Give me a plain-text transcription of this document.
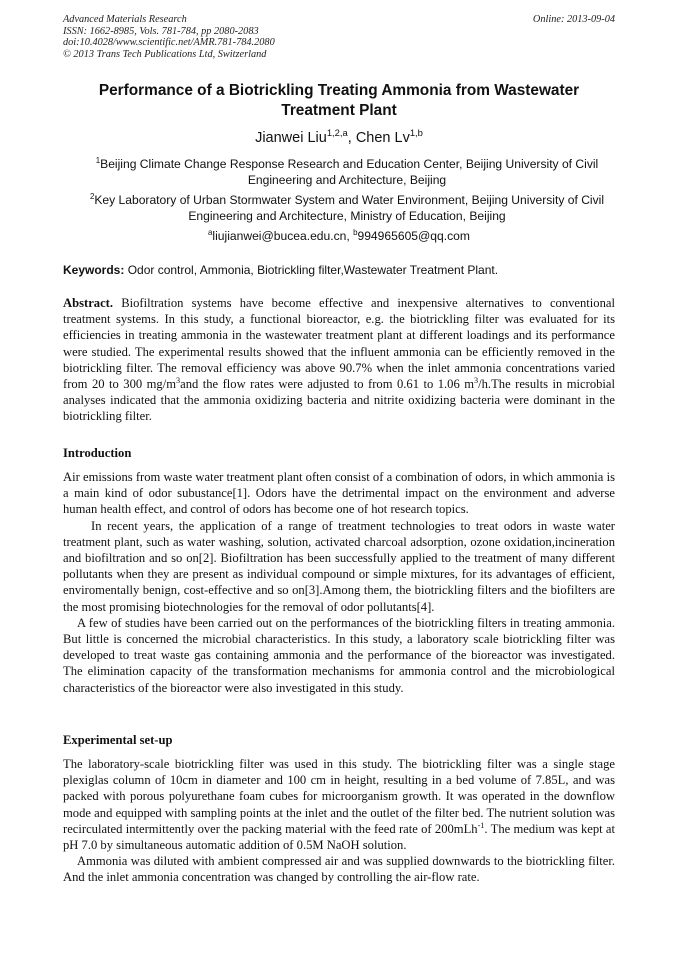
Advanced Materials Research
ISSN: 1662-8985, Vols. 781-784, pp 2080-2083
doi:10.4028/www.scientific.net/AMR.781-784.2080
© 2013 Trans Tech Publications Ltd, Switzerland
Online: 2013-09-04
Performance of a Biotrickling Treating Ammonia from Wastewater Treatment Plant
Jianwei Liu$^{1,2,a}$, Chen Lv$^{1,b}$
$^1$Beijing Climate Change Response Research and Education Center, Beijing University of Civil Engineering and Architecture, Beijing
$^2$Key Laboratory of Urban Stormwater System and Water Environment, Beijing University of Civil Engineering and Architecture, Ministry of Education, Beijing
$^a$liujianwei@bucea.edu.cn, $^b$994965605@qq.com
Keywords: Odor control, Ammonia, Biotrickling filter,Wastewater Treatment Plant.

Abstract. Biofiltration systems have become effective and inexpensive alternatives to conventional treatment systems. In this study, a functional bioreactor, e.g. the biotrickling filter was evaluated for its efficiencies in treating ammonia in the wastewater treatment plant at different loadings and its performance were studied. The experimental results showed that the influent ammonia can be efficiently removed in the biotrickling filter. The removal efficiency was above 90.7% when the inlet ammonia concentrations varied from 20 to 300 $mg/m^3and$ the flow rates were adjusted to from 0.61 to 1.06 $m^3/h.The$ results in microbial analyses indicated that the ammonia oxidizing bacteria and nitrite oxidizing bacteria were dominant in the biotrickling filter.

Introduction

Air emissions from waste water treatment plant often consist of a combination of odors, in which ammonia is a main kind of odor subustance[1]. Odors have the detrimental impact on the environment and adverse human health effect, and control of odors has become one of hot research topics.

In recent years, the application of a range of treatment technologies to treat odors in waste water treatment plant, such as water washing, solution, activated charcoal adsorption, ozone oxidation,incineration and biofiltration and so on[2]. Biofiltration has been successfully applied to the treatment of many different pollutants when they are present as individual compound or simple mixtures, for its advantages of efficient, enviromentally benign, cost-effective and so on[3].Among them, the biotrickling filters and the biofilters are the most promising biotechnologies for the removal of odor pollutants[4].

A few of studies have been carried out on the performances of the biotrickling filters in treating ammonia. But little is concerned the microbial characteristics. In this study, a laboratory scale biotrickling filter was developed to treat waste gas containing ammonia and the performance of the bioreactor was investigated. The elimination capacity of the transformation mechanisms for ammonia control and the microbiological characteristics of the bioreactor were also investigated in this study.

Experimental set-up

The laboratory-scale biotrickling filter was used in this study. The biotrickling filter was a single stage plexiglas column of 10cm in diameter and 100 cm in height, resulting in a bed volume of 7.85L, and was packed with porous polyurethane foam cubes for microorganism growth. It was operated in the downflow mode and equipped with sampling points at the inlet and the outlet of the filter bed. The nutrient solution was recirculated intermittently over the packing material with the feed rate of 200mLh$^{-1}$. The medium was kept at pH 7.0 by simultaneous automatic addition of 0.5M NaOH solution.

Ammonia was diluted with ambient compressed air and was supplied downwards to the biotrickling filter. And the inlet ammonia concentration was changed by controlling the air-flow rate.
